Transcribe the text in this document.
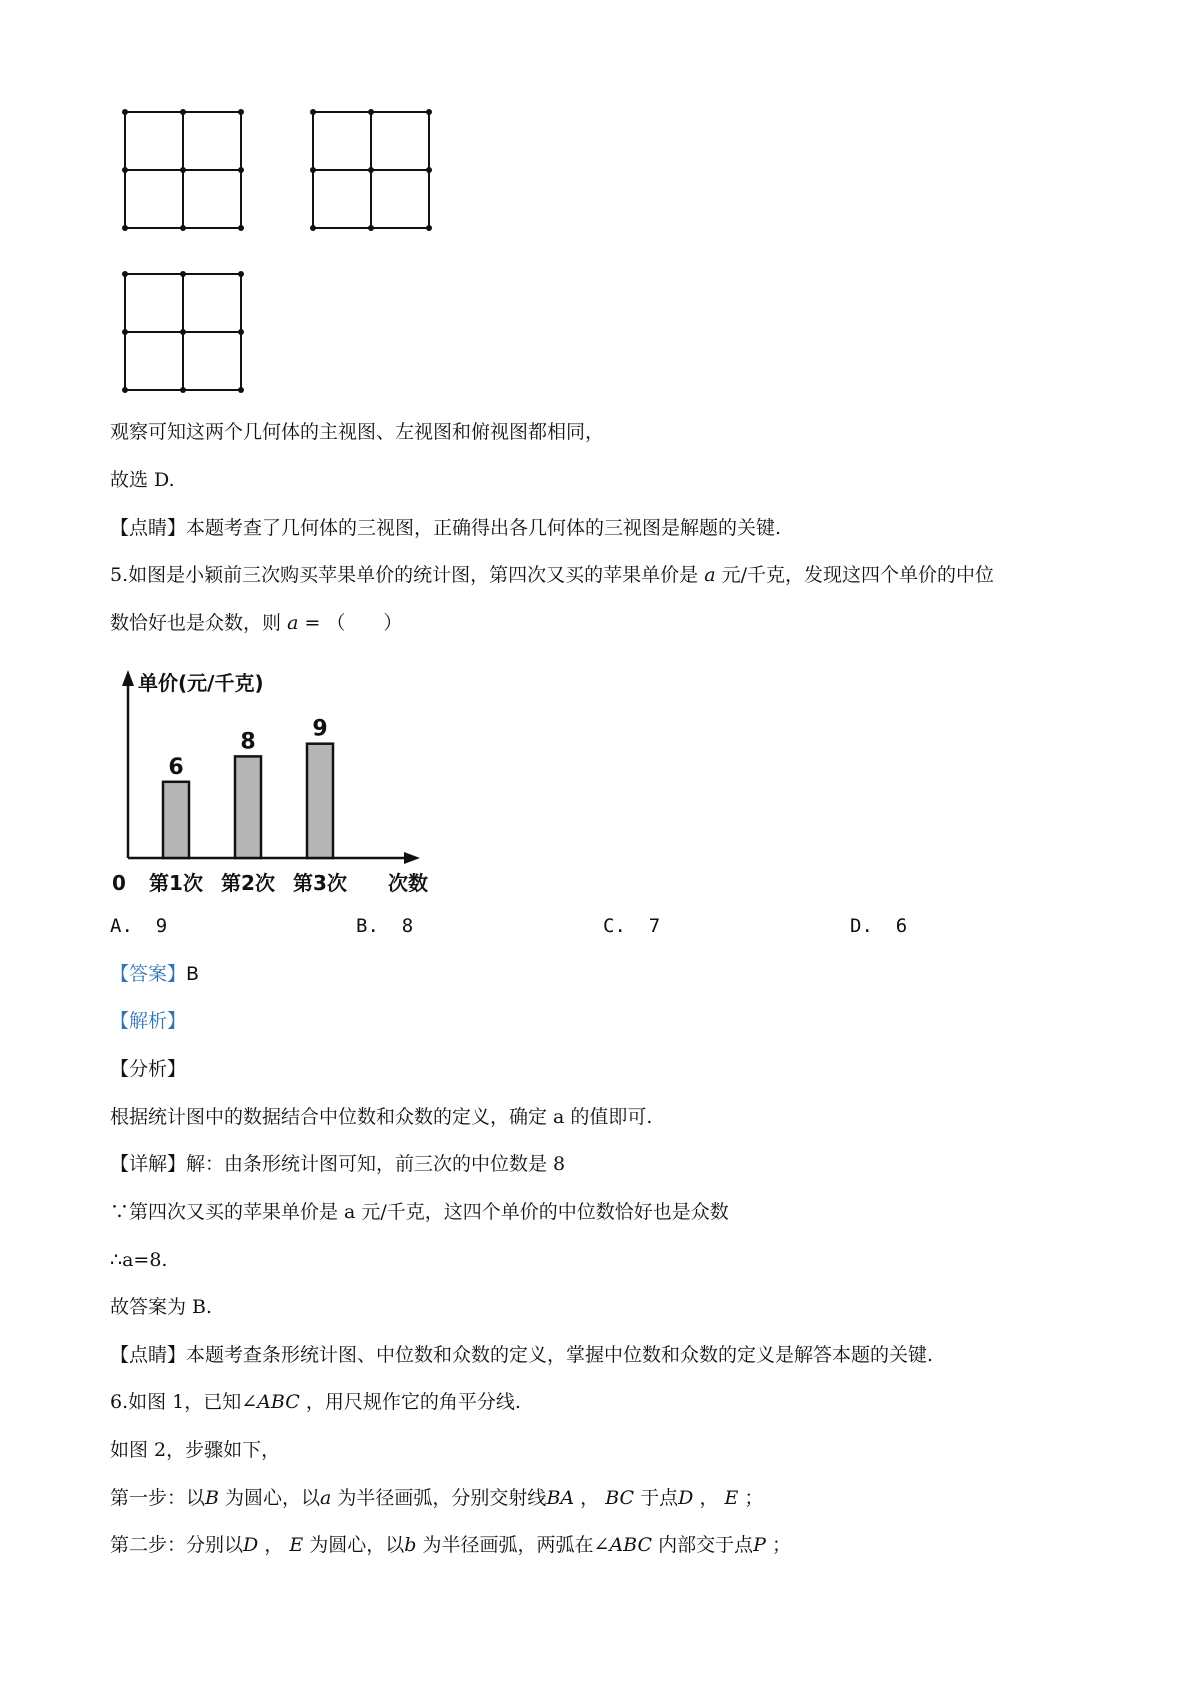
观察可知这两个几何体的主视图、左视图和俯视图都相同，
故选 D.
【点睛】本题考查了几何体的三视图，正确得出各几何体的三视图是解题的关键.
5.如图是小颖前三次购买苹果单价的统计图，第四次又买的苹果单价是 a 元/千克，发现这四个单价的中位
数恰好也是众数，则 a = （　　）
单价(元/千克)
0	次数
6
第1次
8
第2次
9
第3次
A. 9	B. 8	C. 7	D. 6
【答案】B
【解析】
【分析】
根据统计图中的数据结合中位数和众数的定义，确定 a 的值即可.
【详解】解：由条形统计图可知，前三次的中位数是 8
∵第四次又买的苹果单价是 a 元/千克，这四个单价的中位数恰好也是众数
∴a=8.
故答案为 B.
【点睛】本题考查条形统计图、中位数和众数的定义，掌握中位数和众数的定义是解答本题的关键.
6.如图 1，已知∠ABC ，用尺规作它的角平分线.
如图 2，步骤如下，
第一步：以B 为圆心，以a 为半径画弧，分别交射线BA ， BC 于点D ， E ；
第二步：分别以D ， E 为圆心，以b 为半径画弧，两弧在∠ABC 内部交于点P ；
